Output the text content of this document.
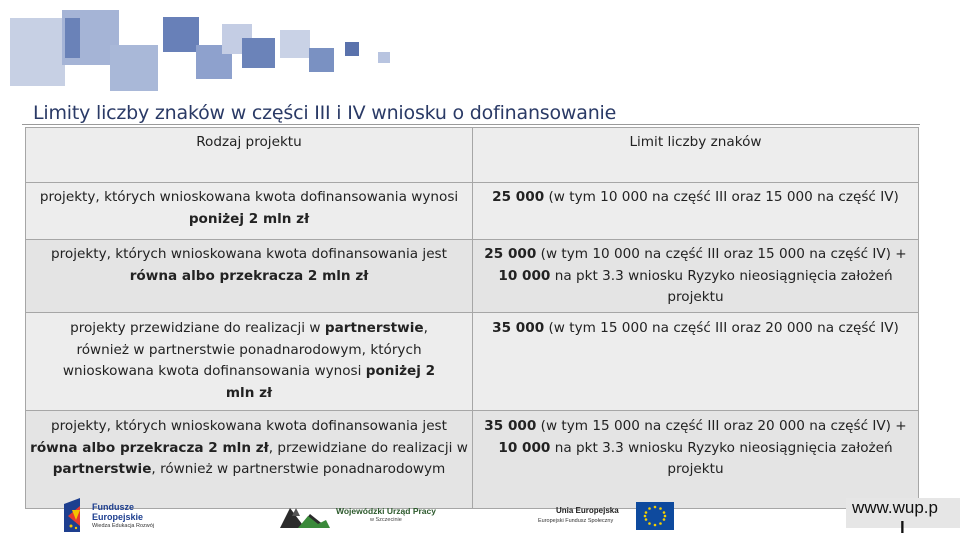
Limity liczby znaków w części III i IV wniosku o dofinansowanie
Rodzaj projektu	Limit liczby znaków
projekty, których wnioskowana kwota dofinansowania wynosi poniżej 2 mln zł	25 000 (w tym 10 000 na część III oraz 15 000 na część IV)
projekty, których wnioskowana kwota dofinansowania jest równa albo przekracza 2 mln zł	25 000 (w tym 10 000 na część III oraz 15 000 na część IV) + 10 000 na pkt 3.3 wniosku Ryzyko nieosiągnięcia założeń projektu
projekty przewidziane do realizacji w partnerstwie, również w partnerstwie ponadnarodowym, których wnioskowana kwota dofinansowania wynosi poniżej 2 mln zł	35 000 (w tym 15 000 na część III oraz 20 000 na część IV)
projekty, których wnioskowana kwota dofinansowania jest równa albo przekracza 2 mln zł, przewidziane do realizacji w partnerstwie, również w partnerstwie ponadnarodowym	35 000 (w tym 15 000 na część III oraz 20 000 na część IV) + 10 000 na pkt 3.3 wniosku Ryzyko nieosiągnięcia założeń projektu
Fundusze
Europejskie
Wiedza Edukacja Rozwój
Wojewódzki Urząd Pracy
w Szczecinie
Unia Europejska
Europejski Fundusz Społeczny
www.wup.p
l
